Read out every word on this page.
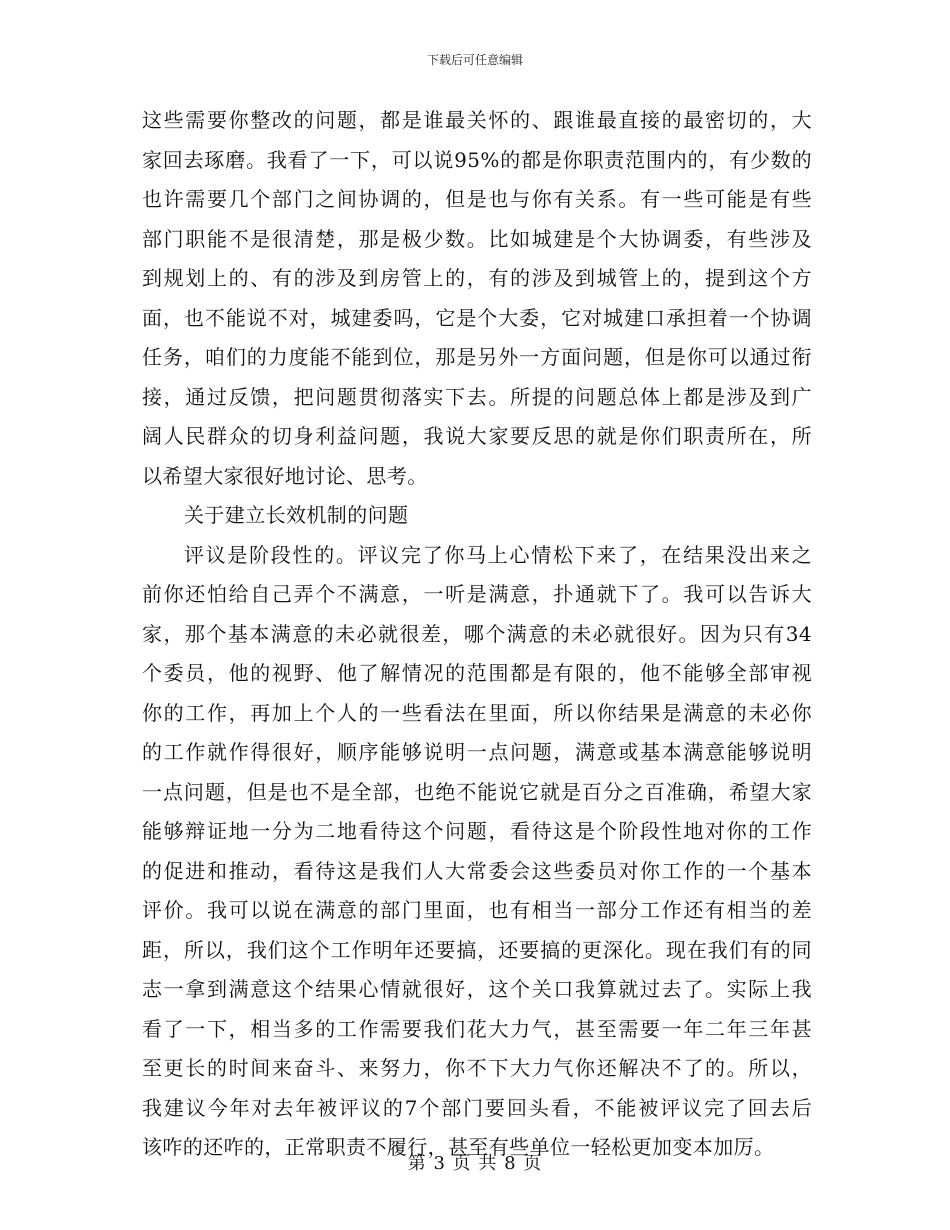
下载后可任意编辑
这些需要你整改的问题，都是谁最关怀的、跟谁最直接的最密切的，大
家回去琢磨。我看了一下，可以说95%的都是你职责范围内的，有少数的
也许需要几个部门之间协调的，但是也与你有关系。有一些可能是有些
部门职能不是很清楚，那是极少数。比如城建是个大协调委，有些涉及
到规划上的、有的涉及到房管上的，有的涉及到城管上的，提到这个方
面，也不能说不对，城建委吗，它是个大委，它对城建口承担着一个协调
任务，咱们的力度能不能到位，那是另外一方面问题，但是你可以通过衔
接，通过反馈，把问题贯彻落实下去。所提的问题总体上都是涉及到广
阔人民群众的切身利益问题，我说大家要反思的就是你们职责所在，所
以希望大家很好地讨论、思考。
关于建立长效机制的问题
评议是阶段性的。评议完了你马上心情松下来了，在结果没出来之
前你还怕给自己弄个不满意，一听是满意，扑通就下了。我可以告诉大
家，那个基本满意的未必就很差，哪个满意的未必就很好。因为只有34
个委员，他的视野、他了解情况的范围都是有限的，他不能够全部审视
你的工作，再加上个人的一些看法在里面，所以你结果是满意的未必你
的工作就作得很好，顺序能够说明一点问题，满意或基本满意能够说明
一点问题，但是也不是全部，也绝不能说它就是百分之百准确，希望大家
能够辩证地一分为二地看待这个问题，看待这是个阶段性地对你的工作
的促进和推动，看待这是我们人大常委会这些委员对你工作的一个基本
评价。我可以说在满意的部门里面，也有相当一部分工作还有相当的差
距，所以，我们这个工作明年还要搞，还要搞的更深化。现在我们有的同
志一拿到满意这个结果心情就很好，这个关口我算就过去了。实际上我
看了一下，相当多的工作需要我们花大力气，甚至需要一年二年三年甚
至更长的时间来奋斗、来努力，你不下大力气你还解决不了的。所以，
我建议今年对去年被评议的7个部门要回头看，不能被评议完了回去后
该咋的还咋的，正常职责不履行，甚至有些单位一轻松更加变本加厉。
第 3 页 共 8 页
